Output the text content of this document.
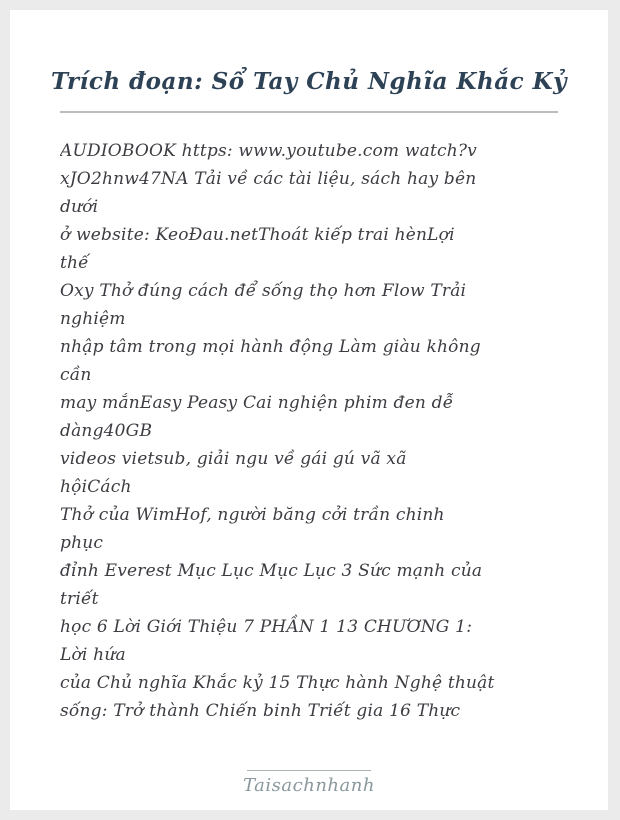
Trích đoạn: Sổ Tay Chủ Nghĩa Khắc Kỷ
AUDIOBOOK https: www.youtube.com watch?v
xJO2hnw47NA Tải về các tài liệu, sách hay bên
dưới
ở website: KeoĐau.netThoát kiếp trai hènLợi
thế
Oxy Thở đúng cách để sống thọ hơn Flow Trải
nghiệm
nhập tâm trong mọi hành động Làm giàu không
cần
may mắnEasy Peasy Cai nghiện phim đen dễ
dàng40GB
videos vietsub, giải ngu về gái gú vã xã
hộiCách
Thở của WimHof, người băng cởi trần chinh
phục
đỉnh Everest Mục Lục Mục Lục 3 Sức mạnh của
triết
học 6 Lời Giới Thiệu 7 PHẦN 1 13 CHƯƠNG 1:
Lời hứa
của Chủ nghĩa Khắc kỷ 15 Thực hành Nghệ thuật
sống: Trở thành Chiến binh Triết gia 16 Thực
Taisachnhanh
